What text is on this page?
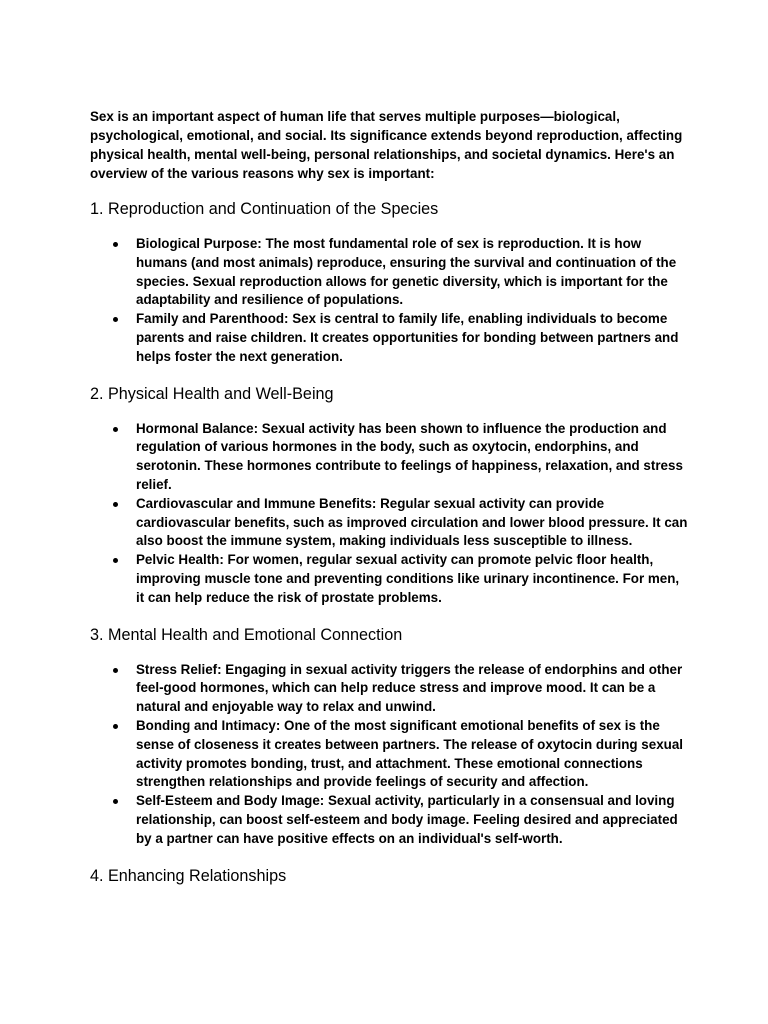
Sex is an important aspect of human life that serves multiple purposes—biological, psychological, emotional, and social. Its significance extends beyond reproduction, affecting physical health, mental well-being, personal relationships, and societal dynamics. Here's an overview of the various reasons why sex is important:

1. Reproduction and Continuation of the Species
Biological Purpose: The most fundamental role of sex is reproduction. It is how humans (and most animals) reproduce, ensuring the survival and continuation of the species. Sexual reproduction allows for genetic diversity, which is important for the adaptability and resilience of populations.
Family and Parenthood: Sex is central to family life, enabling individuals to become parents and raise children. It creates opportunities for bonding between partners and helps foster the next generation.
2. Physical Health and Well-Being
Hormonal Balance: Sexual activity has been shown to influence the production and regulation of various hormones in the body, such as oxytocin, endorphins, and serotonin. These hormones contribute to feelings of happiness, relaxation, and stress relief.
Cardiovascular and Immune Benefits: Regular sexual activity can provide cardiovascular benefits, such as improved circulation and lower blood pressure. It can also boost the immune system, making individuals less susceptible to illness.
Pelvic Health: For women, regular sexual activity can promote pelvic floor health, improving muscle tone and preventing conditions like urinary incontinence. For men, it can help reduce the risk of prostate problems.
3. Mental Health and Emotional Connection
Stress Relief: Engaging in sexual activity triggers the release of endorphins and other feel-good hormones, which can help reduce stress and improve mood. It can be a natural and enjoyable way to relax and unwind.
Bonding and Intimacy: One of the most significant emotional benefits of sex is the sense of closeness it creates between partners. The release of oxytocin during sexual activity promotes bonding, trust, and attachment. These emotional connections strengthen relationships and provide feelings of security and affection.
Self-Esteem and Body Image: Sexual activity, particularly in a consensual and loving relationship, can boost self-esteem and body image. Feeling desired and appreciated by a partner can have positive effects on an individual's self-worth.
4. Enhancing Relationships
